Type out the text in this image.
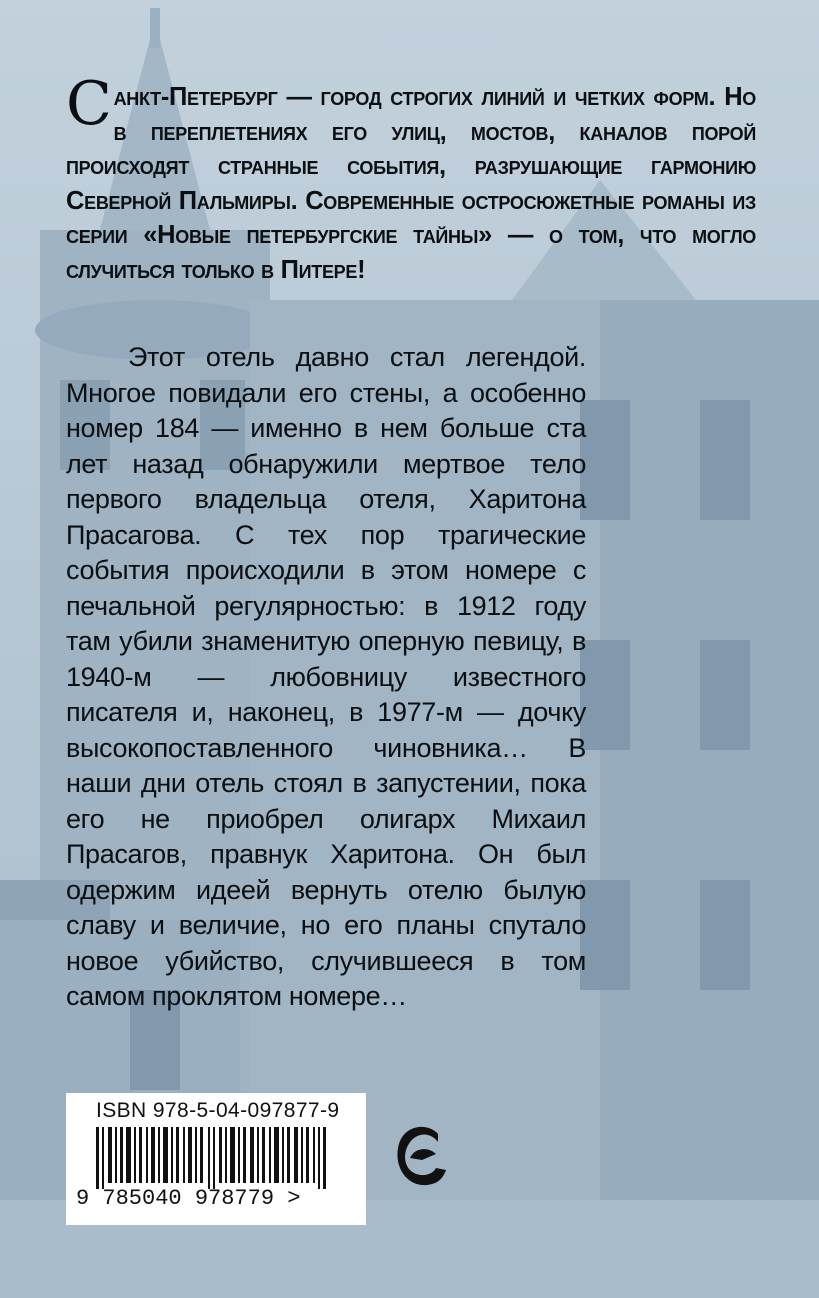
С анкт-Петербург — город строгих линий и четких форм. Но в переплетениях его улиц, мостов, каналов порой происходят странные события, разрушающие гармонию Северной Пальмиры. Современные остросюжетные романы из серии «Новые петербургские тайны» — о том, что могло случиться только в Питере!

Этот отель давно стал легендой. Многое повидали его стены, а особенно номер 184 — именно в нем больше ста лет назад обнаружили мертвое тело первого владельца отеля, Харитона Прасагова. С тех пор трагические события происходили в этом номере с печальной регулярностью: в 1912 году там убили знаменитую оперную певицу, в 1940-м — любовницу известного писателя и, наконец, в 1977-м — дочку высокопоставленного чиновника… В наши дни отель стоял в запустении, пока его не приобрел олигарх Михаил Прасагов, правнук Харитона. Он был одержим идеей вернуть отелю былую славу и величие, но его планы спутало новое убийство, случившееся в том самом проклятом номере…

ISBN 978-5-04-097877-9
9 785040 978779 >
